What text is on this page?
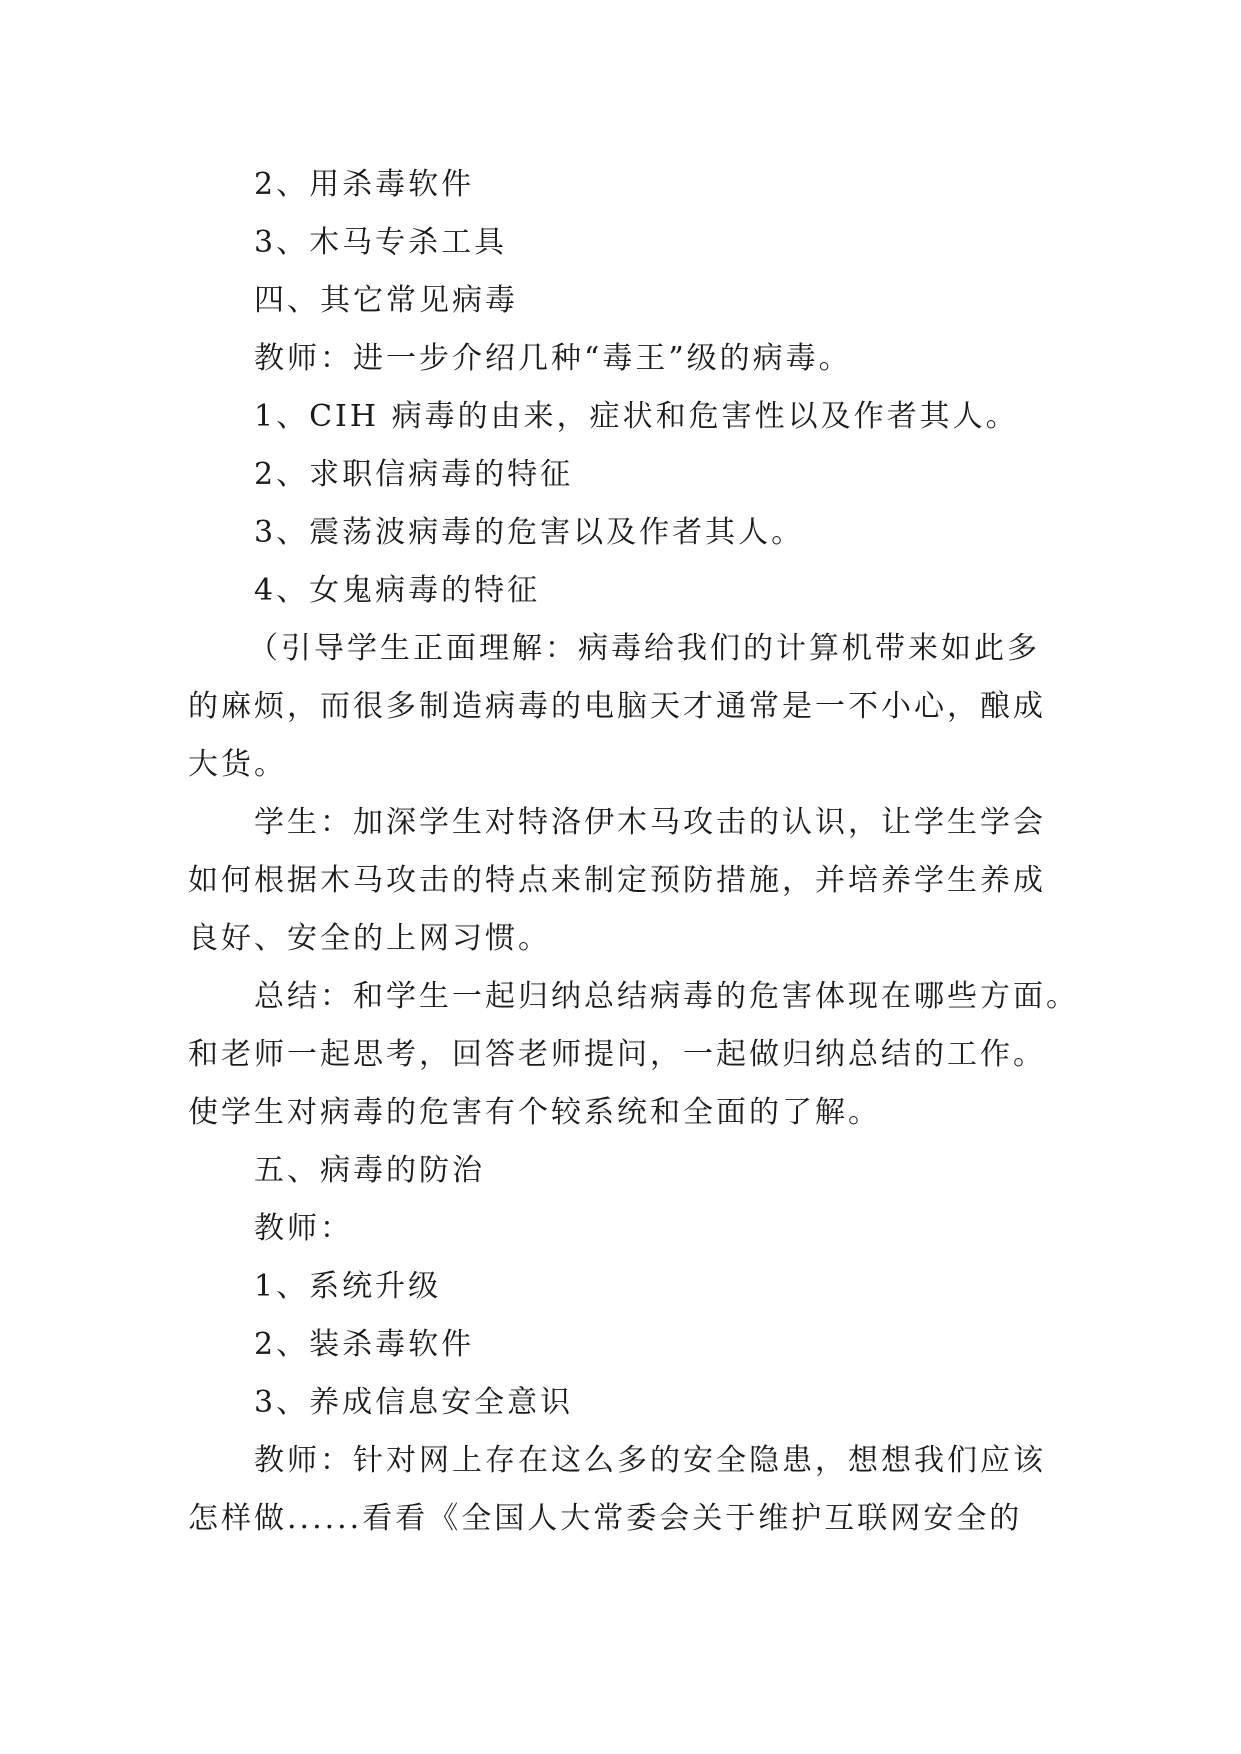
2、用杀毒软件

3、木马专杀工具

四、其它常见病毒

教师：进一步介绍几种“毒王”级的病毒。

1、CIH 病毒的由来，症状和危害性以及作者其人。

2、求职信病毒的特征

3、震荡波病毒的危害以及作者其人。

4、女鬼病毒的特征

（引导学生正面理解：病毒给我们的计算机带来如此多

的麻烦，而很多制造病毒的电脑天才通常是一不小心，酿成

大货。

学生：加深学生对特洛伊木马攻击的认识，让学生学会

如何根据木马攻击的特点来制定预防措施，并培养学生养成

良好、安全的上网习惯。

总结：和学生一起归纳总结病毒的危害体现在哪些方面。

和老师一起思考，回答老师提问，一起做归纳总结的工作。

使学生对病毒的危害有个较系统和全面的了解。

五、病毒的防治

教师：

1、系统升级

2、装杀毒软件

3、养成信息安全意识

教师：针对网上存在这么多的安全隐患，想想我们应该

怎样做......看看《全国人大常委会关于维护互联网安全的
